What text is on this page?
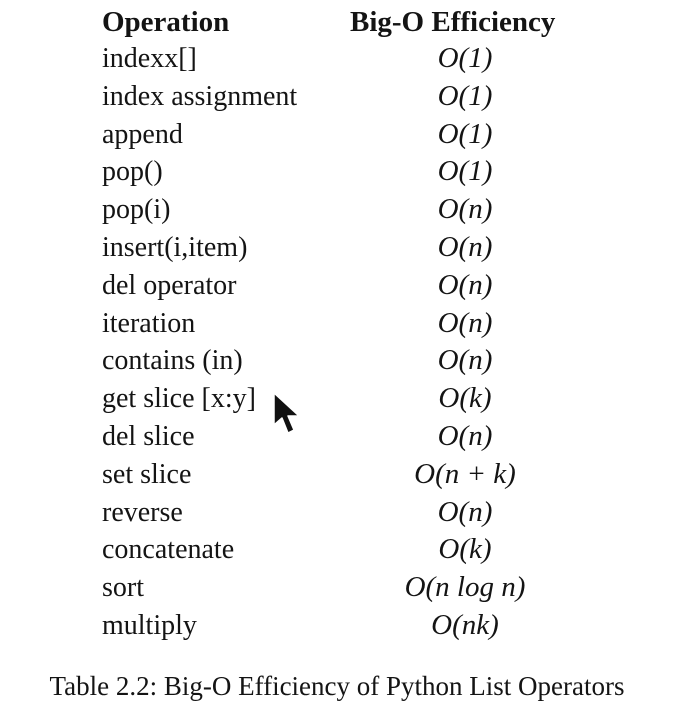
Operation	Big-O Efficiency
indexx[]	O(1)
index assignment	O(1)
append	O(1)
pop()	O(1)
pop(i)	O(n)
insert(i,item)	O(n)
del operator	O(n)
iteration	O(n)
contains (in)	O(n)
get slice [x:y]	O(k)
del slice	O(n)
set slice	O(n + k)
reverse	O(n)
concatenate	O(k)
sort	O(n log n)
multiply	O(nk)
Table 2.2: Big-O Efficiency of Python List Operators
